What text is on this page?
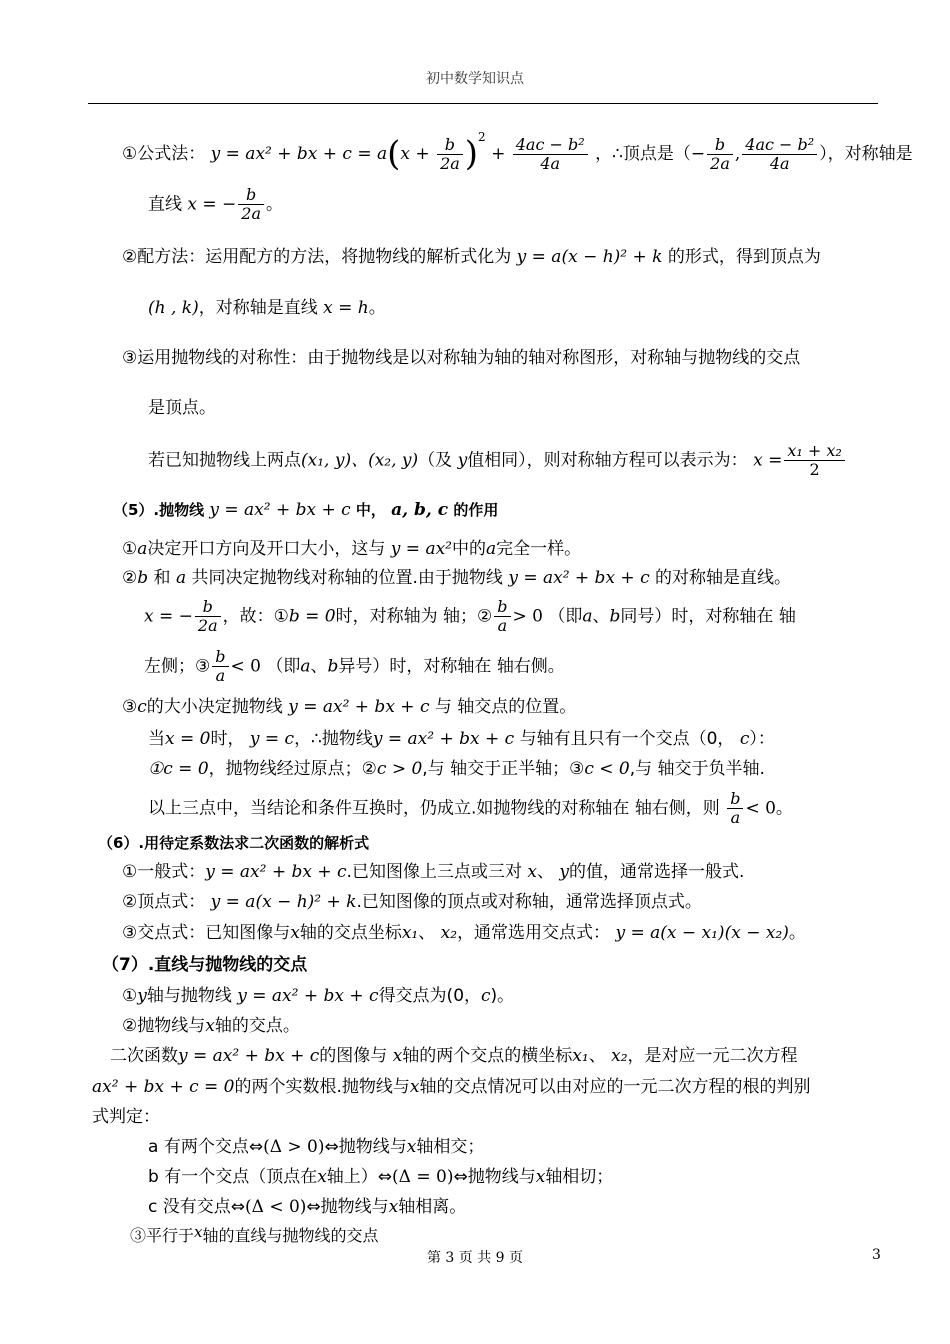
初中数学知识点
①公式法： y = ax² + bx + $c = a(x + \frac{b}{2a} )^2 + \frac{\text{4ac − b²}}{4a}$ ，∴顶点是（− $\frac{b}{2a}$ , $\frac{\text{4ac − b²}}{4a}$ ），对称轴是
直线 x = − $\frac{b}{2a}$ 。
②配方法：运用配方的方法，将抛物线的解析式化为 y = a(x − h)² + k 的形式，得到顶点为
(h , k)，对称轴是直线 x = h。
③运用抛物线的对称性：由于抛物线是以对称轴为轴的轴对称图形，对称轴与抛物线的交点
是顶点。
若已知抛物线上两点(x₁, y)、(x₂, y)（及 y值相同），则对称轴方程可以表示为： $x = \frac{\text{x₁ + x₂}}{2}$
（5）.抛物线 y = ax² + bx + c 中， a, b, c 的作用
①a决定开口方向及开口大小，这与 y = ax²中的a完全一样。
②b 和 a 共同决定抛物线对称轴的位置.由于抛物线 y = ax² + bx + c 的对称轴是直线。
x = − $\frac{b}{2a}$ ，故：①b = 0时，对称轴为 轴；② $\frac{b}{a} > 0$ （即a、b同号）时，对称轴在 轴
左侧；③ $\frac{b}{a} < 0$ （即a、b异号）时，对称轴在 轴右侧。
③c的大小决定抛物线 y = ax² + bx + c 与 轴交点的位置。
当x = 0时， y = c，∴抛物线y = ax² + bx + c 与轴有且只有一个交点（0， c）：
①c = 0，抛物线经过原点；②c > 0,与 轴交于正半轴；③c < 0,与 轴交于负半轴.
以上三点中，当结论和条件互换时，仍成立.如抛物线的对称轴在 轴右侧，则 $\frac{b}{a} < 0$。
（6）.用待定系数法求二次函数的解析式
①一般式：y = ax² + bx + c.已知图像上三点或三对 x、 y的值，通常选择一般式.
②顶点式： y = a(x − h)² + k.已知图像的顶点或对称轴，通常选择顶点式。
③交点式：已知图像与x轴的交点坐标x₁、 x₂，通常选用交点式： y = a(x − x₁)(x − x₂)。
（7）.直线与抛物线的交点
①y轴与抛物线 y = ax² + bx + c得交点为(0，c)。
②抛物线与x轴的交点。
二次函数y = ax² + bx + c的图像与 x轴的两个交点的横坐标x₁、 x₂，是对应一元二次方程
ax² + bx + c = 0的两个实数根.抛物线与x轴的交点情况可以由对应的一元二次方程的根的判别
式判定：
a 有两个交点⇔(Δ > 0)⇔抛物线与x轴相交；
b 有一个交点（顶点在x轴上）⇔(Δ = 0)⇔抛物线与x轴相切；
c 没有交点⇔(Δ < 0)⇔抛物线与x轴相离。
③平行于x轴的直线与抛物线的交点
第 3 页 共 9 页	3
